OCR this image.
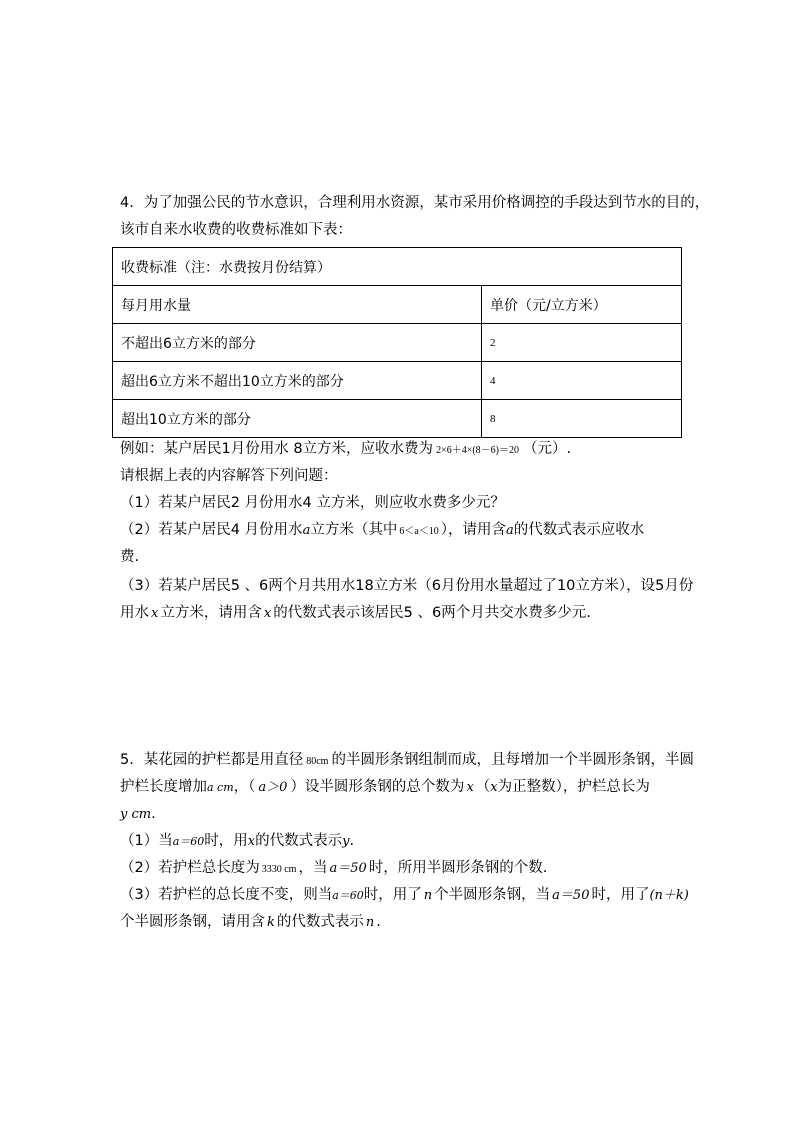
4．为了加强公民的节水意识，合理利用水资源，某市采用价格调控的手段达到节水的目的，
该市自来水收费的收费标准如下表：
收费标准（注：水费按月份结算）	
每月用水量	单价（元/立方米）
不超出6立方米的部分	2
超出6立方米不超出10立方米的部分	4
超出10立方米的部分	8
例如：某户居民1月份用水 8立方米，应收水费为 2×6＋4×(8－6)＝20 （元）.
请根据上表的内容解答下列问题：
（1）若某户居民2 月份用水4 立方米，则应收水费多少元？
（2）若某户居民4 月份用水a立方米（其中 6＜a＜10 ），请用含a的代数式表示应收水
费.
（3）若某户居民5 、6两个月共用水18立方米（6月份用水量超过了10立方米），设5月份
用水 x 立方米，请用含 x 的代数式表示该居民5 、6两个月共交水费多少元.
5．某花园的护栏都是用直径 80cm 的半圆形条钢组制而成，且每增加一个半圆形条钢，半圆
护栏长度增加a cm，（ a＞0 ）设半圆形条钢的总个数为 x （x为正整数），护栏总长为
y cm.
（1）当a＝60时，用x的代数式表示y.
（2）若护栏总长度为 3330 cm ，当 a＝50 时，所用半圆形条钢的个数.
（3）若护栏的总长度不变，则当a＝60时，用了 n 个半圆形条钢，当 a＝50 时，用了(n＋k)
个半圆形条钢，请用含 k 的代数式表示 n .
